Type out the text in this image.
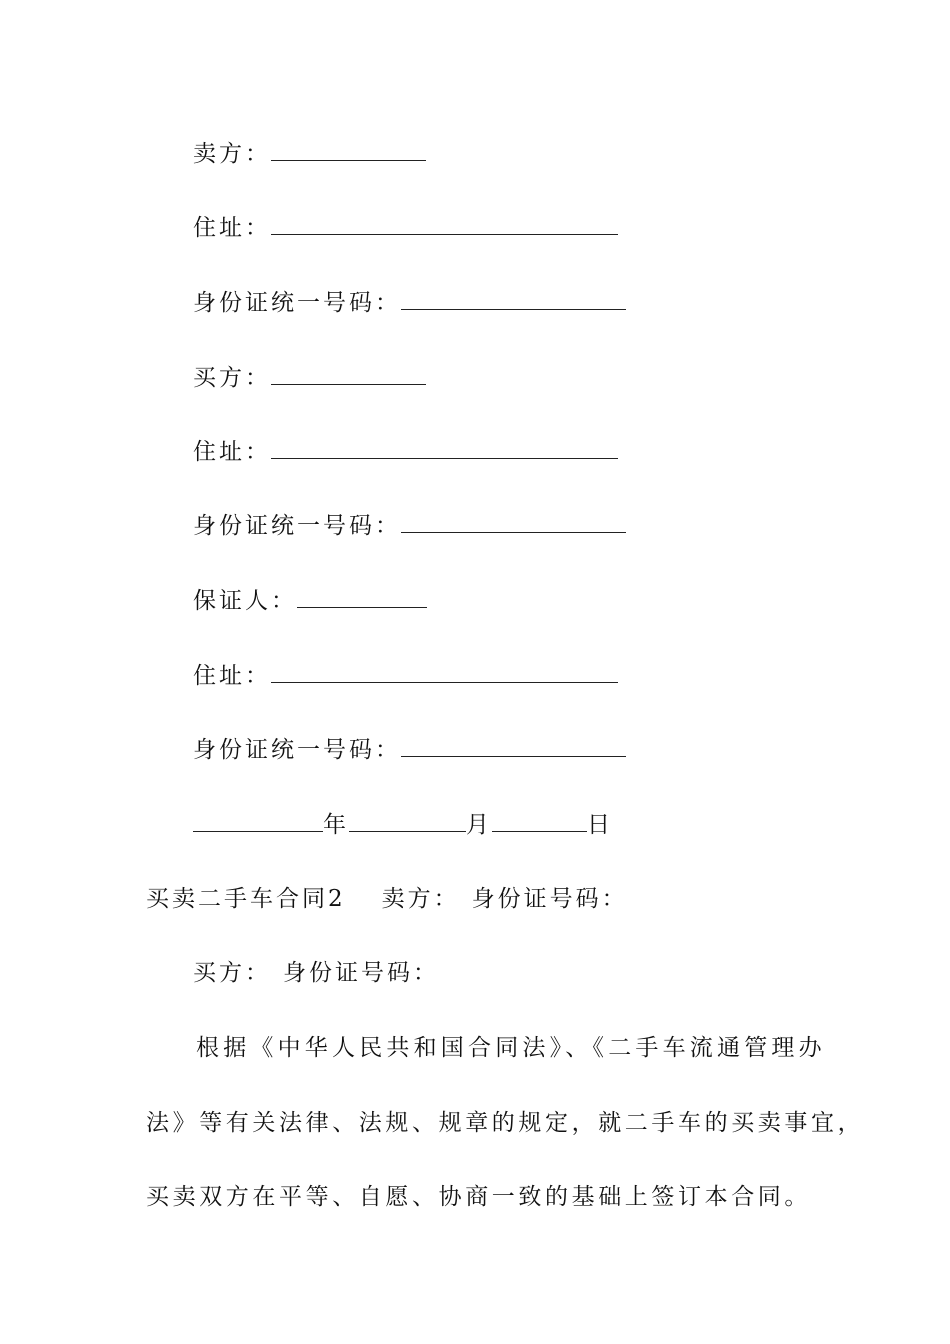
卖方：
住址：
身份证统一号码：
买方：
住址：
身份证统一号码：
保证人：
住址：
身份证统一号码：
年	月	日
买卖二手车合同2 卖方： 身份证号码：
买方： 身份证号码：
根据《中华人民共和国合同法》、《二手车流通管理办
法》等有关法律、法规、规章的规定，就二手车的买卖事宜，
买卖双方在平等、自愿、协商一致的基础上签订本合同。
